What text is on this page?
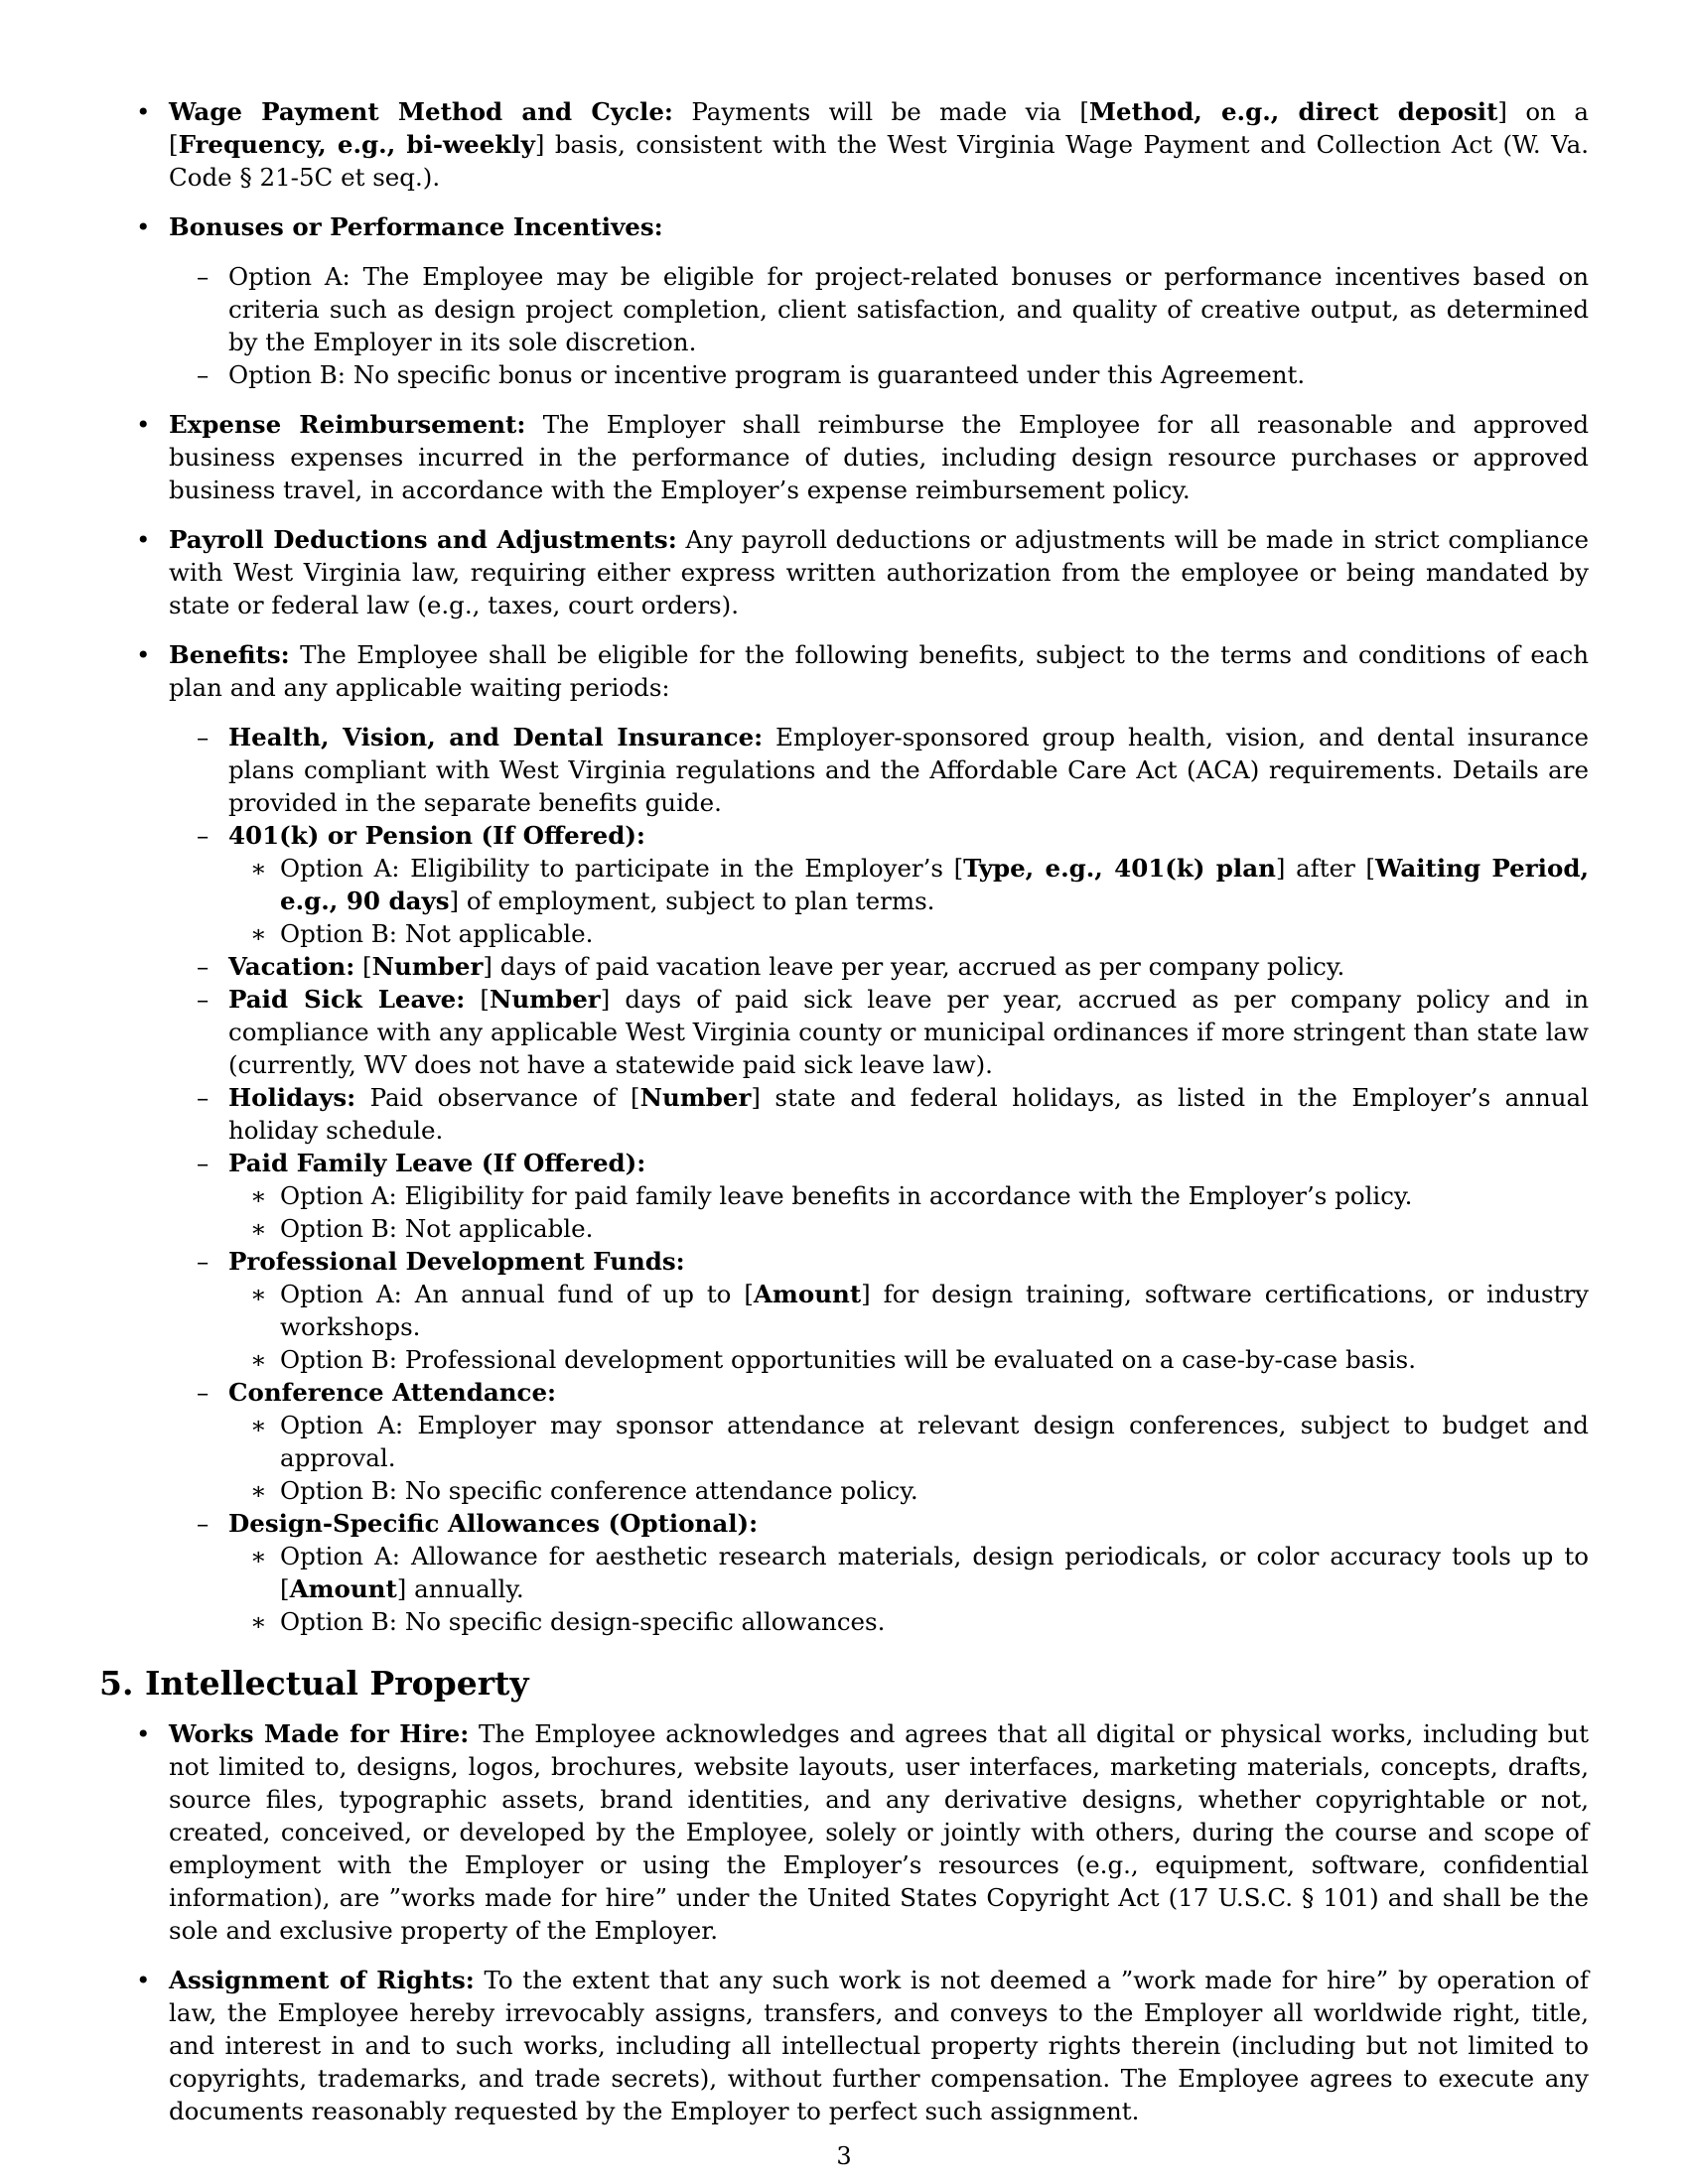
• Wage Payment Method and Cycle: Payments will be made via [Method, e.g., direct deposit] on a [Frequency, e.g., bi-weekly] basis, consistent with the West Virginia Wage Payment and Collection Act (W. Va. Code § 21-5C et seq.).

• Bonuses or Performance Incentives:

– Option A: The Employee may be eligible for project-related bonuses or performance incentives based on criteria such as design project completion, client satisfaction, and quality of creative output, as determined by the Employer in its sole discretion.

– Option B: No specific bonus or incentive program is guaranteed under this Agreement.

• Expense Reimbursement: The Employer shall reimburse the Employee for all reasonable and approved business expenses incurred in the performance of duties, including design resource purchases or approved business travel, in accordance with the Employer’s expense reimbursement policy.

• Payroll Deductions and Adjustments: Any payroll deductions or adjustments will be made in strict compliance with West Virginia law, requiring either express written authorization from the employee or being mandated by state or federal law (e.g., taxes, court orders).

• Benefits: The Employee shall be eligible for the following benefits, subject to the terms and conditions of each plan and any applicable waiting periods:

– Health, Vision, and Dental Insurance: Employer-sponsored group health, vision, and dental insurance plans compliant with West Virginia regulations and the Affordable Care Act (ACA) requirements. Details are provided in the separate benefits guide.

– 401(k) or Pension (If Offered):

∗ Option A: Eligibility to participate in the Employer’s [Type, e.g., 401(k) plan] after [Waiting Period, e.g., 90 days] of employment, subject to plan terms.

∗ Option B: Not applicable.

– Vacation: [Number] days of paid vacation leave per year, accrued as per company policy.

– Paid Sick Leave: [Number] days of paid sick leave per year, accrued as per company policy and in compliance with any applicable West Virginia county or municipal ordinances if more stringent than state law (currently, WV does not have a statewide paid sick leave law).

– Holidays: Paid observance of [Number] state and federal holidays, as listed in the Employer’s annual holiday schedule.

– Paid Family Leave (If Offered):

∗ Option A: Eligibility for paid family leave benefits in accordance with the Employer’s policy.

∗ Option B: Not applicable.

– Professional Development Funds:

∗ Option A: An annual fund of up to [Amount] for design training, software certifications, or industry workshops.

∗ Option B: Professional development opportunities will be evaluated on a case-by-case basis.

– Conference Attendance:

∗ Option A: Employer may sponsor attendance at relevant design conferences, subject to budget and approval.

∗ Option B: No specific conference attendance policy.

– Design-Specific Allowances (Optional):

∗ Option A: Allowance for aesthetic research materials, design periodicals, or color accuracy tools up to [Amount] annually.

∗ Option B: No specific design-specific allowances.

5. Intellectual Property

• Works Made for Hire: The Employee acknowledges and agrees that all digital or physical works, including but not limited to, designs, logos, brochures, website layouts, user interfaces, marketing materials, concepts, drafts, source files, typographic assets, brand identities, and any derivative designs, whether copyrightable or not, created, conceived, or developed by the Employee, solely or jointly with others, during the course and scope of employment with the Employer or using the Employer’s resources (e.g., equipment, software, confidential information), are ”works made for hire” under the United States Copyright Act (17 U.S.C. § 101) and shall be the sole and exclusive property of the Employer.

• Assignment of Rights: To the extent that any such work is not deemed a ”work made for hire” by operation of law, the Employee hereby irrevocably assigns, transfers, and conveys to the Employer all worldwide right, title, and interest in and to such works, including all intellectual property rights therein (including but not limited to copyrights, trademarks, and trade secrets), without further compensation. The Employee agrees to execute any documents reasonably requested by the Employer to perfect such assignment.

3
